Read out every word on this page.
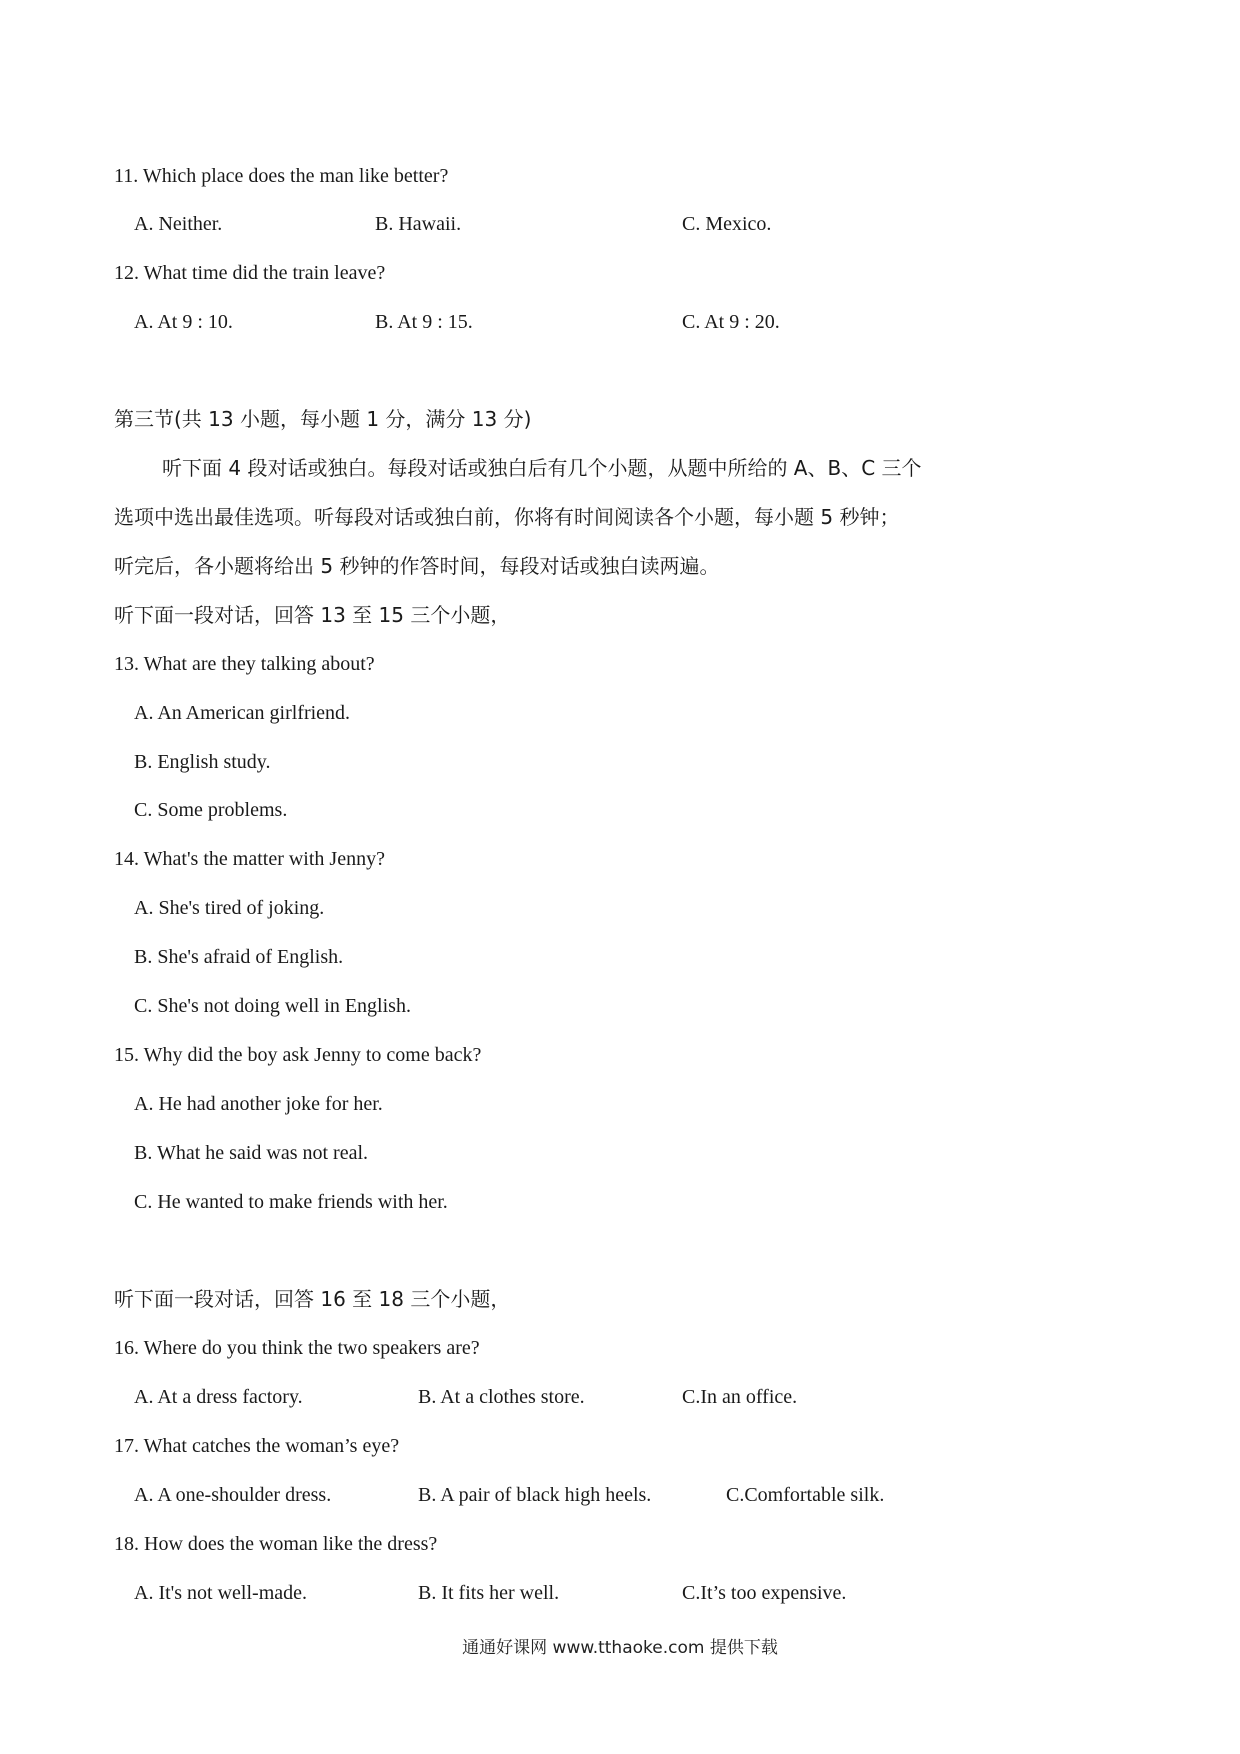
11. Which place does the man like better?
A. Neither.	B. Hawaii.	C. Mexico.
12. What time did the train leave?
A. At 9 : 10.	B. At 9 : 15.	C. At 9 : 20.
第三节(共 13 小题，每小题 1 分，满分 13 分)
听下面 4 段对话或独白。每段对话或独白后有几个小题，从题中所给的 A、B、C 三个
选项中选出最佳选项。听每段对话或独白前，你将有时间阅读各个小题，每小题 5 秒钟；
听完后，各小题将给出 5 秒钟的作答时间，每段对话或独白读两遍。
听下面一段对话，回答 13 至 15 三个小题，
13. What are they talking about?
A. An American girlfriend.
B. English study.
C. Some problems.
14. What's the matter with Jenny?
A. She's tired of joking.
B. She's afraid of English.
C. She's not doing well in English.
15. Why did the boy ask Jenny to come back?
A. He had another joke for her.
B. What he said was not real.
C. He wanted to make friends with her.
听下面一段对话，回答 16 至 18 三个小题，
16. Where do you think the two speakers are?
A. At a dress factory.	B. At a clothes store.	C.In an office.
17. What catches the woman’s eye?
A. A one-shoulder dress.	B. A pair of black high heels.	C.Comfortable silk.
18. How does the woman like the dress?
A. It's not well-made.	B. It fits her well.	C.It’s too expensive.
通通好课网 www.tthaoke.com 提供下载
